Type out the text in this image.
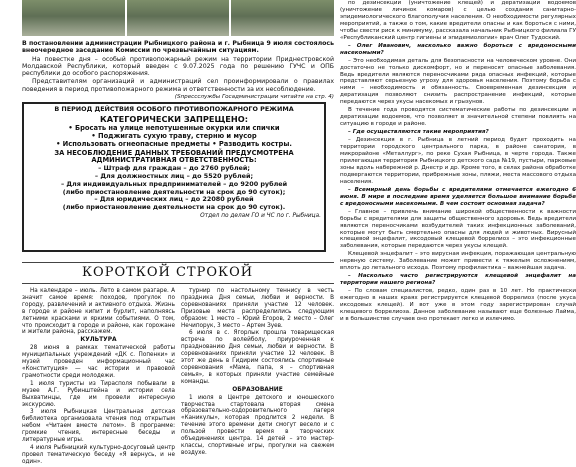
В постановлении администрации Рыбницкого района и г. Рыбница 9 июля состоялось внеочередное заседание Комиссии по чрезвычайным ситуациям.

На повестке дня – особый противопожарный режим на территории Приднестровской Молдавской Республики, который введен с 9.07.2025 года по решению ГУЧС и ОПБ республики до особого распоряжения.

Представителям организаций и администраций сел проинформировали о правилах поведения в период противопожарного режима и ответственности за их несоблюдение.

(Sпрессслужбы Госадминистрации читайте на стр. 4)
В ПЕРИОД ДЕЙСТВИЯ ОСОБОГО ПРОТИВОПОЖАРНОГО РЕЖИМА
КАТЕГОРИЧЕСКИ ЗАПРЕЩЕНО:
• Бросать на улице непотушенные окурки или спички
• Поджигать сухую траву, стерню и мусор
• Использовать огнеопасные предметы • Разводить костры.
ЗА НЕСОБЛЮДЕНИЕ ДАННЫХ ТРЕБОВАНИЙ ПРЕДУСМОТРЕНА АДМИНИСТРАТИВНАЯ ОТВЕТСТВЕННОСТЬ:
– Штраф для граждан – до 2760 рублей;
– Для должностных лиц – до 5520 рублей;
– Для индивидуальных предпринимателей – до 9200 рублей
(либо приостановление деятельности на срок до 90 суток);
– Для юридических лиц – до 22080 рублей
(либо приостановление деятельности на срок до 90 суток).
Отдел по делам ГО и ЧС по г. Рыбница.
КОРОТКОЙ СТРОКОЙ

На календаре – июль. Лето в самом разгаре. А значит самое время: походов, прогулок по городу, развлечений и активного отдыха. Жизнь в городе и районе кипит и бурлит, наполняясь летними красками и яркими событиями. О том, что происходит в городе и районе, как горожане и жители района, расскажем.

КУЛЬТУРА

28 июня в рамках тематической работы муниципальных учреждений «ДК с. Попенки» и музей проведен информационный час «Конституция» — час истории и правовой грамотности среди молодежи.

1 июля туристы из Тирасполя побывали в музее А.Г. Рубинштейна и истории села Выхватинцы, где им провели интересную экскурсию.

3 июля Рыбницкая Центральная детская библиотека организовала чтения под открытым небом «Читаем вместе летом». В программе: громкие чтения, интересные беседы и литературные игры.

4 июля Рыбницкий культурно-досуговый центр провел тематическую беседу «Я вернусь, и не один».

турнир по настольному теннису в честь праздника Дня семьи, любви и верности. В соревнованиях приняли участие 12 человек. Призовые места распределились следующим образом: 1 место – Юрий Егоров, 2 место – Олег Нечипорук, 3 место – Артем Зуев.

6 июля в с. Ягорлык прошла товарищеская встреча по волейболу, приуроченная к празднованию Дня семьи, любви и верности. В соревнованиях приняли участие 12 человек. В этот же день в Гидирим состоялись спортивные соревнования «Мама, папа, я – спортивная семья», в которых приняли участие семейные команды.

ОБРАЗОВАНИЕ

1 июля в Центре детского и юношеского творчества стартовала вторая смена образовательно-оздоровительного лагеря «Каникулы», которая продлится 2 недели. В течение этого времени дети смогут весело и с пользой провести время в творческих объединениях центра. 14 детей – это мастер-классы, спортивные игры, прогулки на свежем воздухе.

по дезинсекции (уничтожение клещей) и дератизации водоемов (уничтожение личинок комаров) с целью создания санитарно-эпидемиологического благополучия населения. О необходимости регулярных мероприятий, а также о том, какие вредители опасны и как бороться с ними, чтобы свести риск к минимуму, рассказала начальник Рыбницкого филиала ГУ «Республиканский центр гигиены и эпидемиологии» врач Олег Тудоский.

– Олег Иванович, насколько важно бороться с вредоносными насекомыми?

– Это необходимая деталь для безопасности на человеческом уровне. Они достаточно не только дискомфорт, но и переносят опасные заболевания. Ведь вредители являются переносчиками ряда опасных инфекций, которые представляют серьезную угрозу для здоровья населения. Поэтому борьба с ними – необходимость и обязанность. Своевременная дезинсекция и дератизация позволяют снизить распространение инфекций, которые передаются через укусы насекомых и грызунов.

В течение года проводятся систематические работы по дезинсекции и дератизации водоемов, что позволяет в значительной степени повлиять на ситуацию в городе и районе.

– Где осуществляются такие мероприятия?

– Дезинсекция в г. Рыбница в летний период будет проходить на территории городского центрального парка, в районе санатория, в микрорайоне «Металлург», по реке Сухая Рыбница, в черте города. Также прилегающая территория Рыбницкого детского сада №19, пустыри, парковые зоны вдоль набережной р. Днестр и др. Кроме того, в селах района обработке подвергаются территории, прибрежные зоны, пляжи, места массового отдыха населения.

– Всемирный день борьбы с вредителями отмечается ежегодно 6 июня. В мире в последние время уделяется большое внимание борьбе с вредоносными насекомыми. В чем состоит основная задача?

– Главное – привлечь внимание широкой общественности к важности борьбы с вредителями для защиты общественного здоровья. Ведь вредители являются переносчиками возбудителей таких инфекционных заболеваний, которые могут быть смертельно опасны для людей и животных. Вирусный клещевой энцефалит, иксодовый клещевой боррелиоз – это инфекционные заболевания, которые передаются через укусы клещей.

Клещевой энцефалит – это вирусная инфекция, поражающая центральную нервную систему. Заболевание может привести к тяжелым осложнениям, вплоть до летального исхода. Поэтому профилактика – важнейшая задача.

– Насколько часто регистрируются клещевой энцефалит на территории нашего региона?

– По словам специалистов, редко, один раз в 10 лет. Но практически ежегодно в наших краях регистрируется клещевой боррелиоз (после укуса иксодовых клещей). И вот уже в этом году зарегистрирован случай клещевого боррелиоза. Данное заболевание называют еще болезнью Лайма, и в большинстве случаев оно протекает легко и излечимо.
